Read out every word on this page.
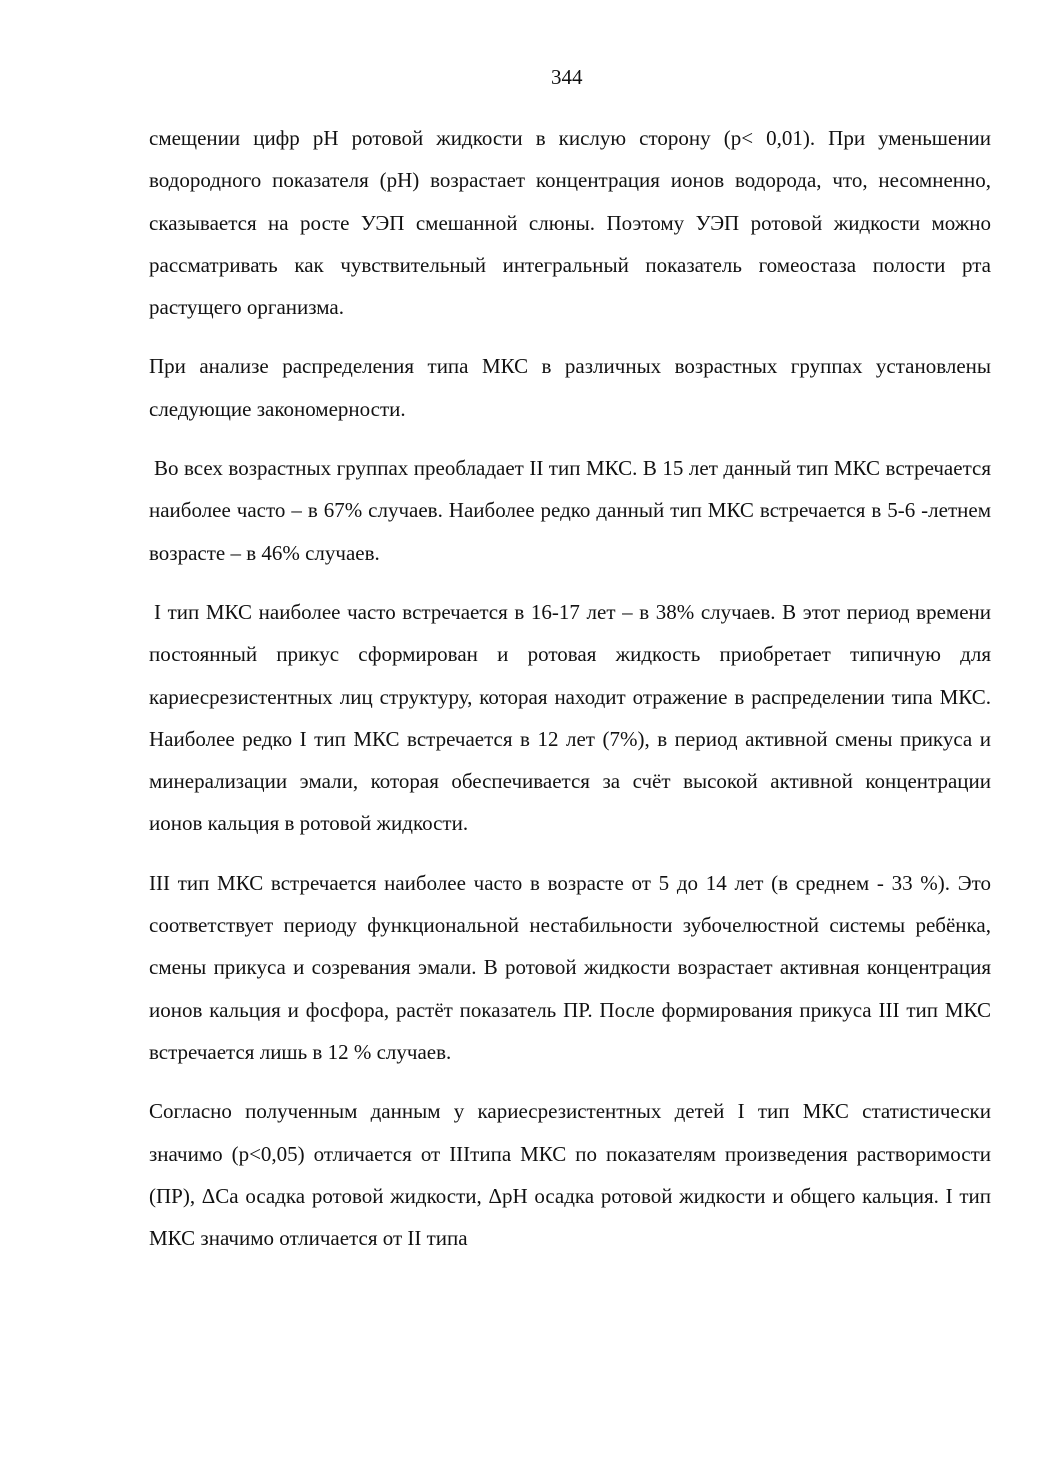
344

смещении цифр рН ротовой жидкости в кислую сторону (р< 0,01). При уменьшении водородного показателя (рН) возрастает концентрация ионов водорода, что, несомненно, сказывается на росте УЭП смешанной слюны. Поэтому УЭП ротовой жидкости можно рассматривать как чувствительный интегральный показатель гомеостаза полости рта растущего организма.

При анализе распределения типа МКС в различных возрастных группах установлены следующие закономерности.

Во всех возрастных группах преобладает II тип МКС. В 15 лет данный тип МКС встречается наиболее часто – в 67% случаев. Наиболее редко данный тип МКС встречается в 5-6 -летнем возрасте – в 46% случаев.

I тип МКС наиболее часто встречается в 16-17 лет – в 38% случаев. В этот период времени постоянный прикус сформирован и ротовая жидкость приобретает типичную для кариесрезистентных лиц структуру, которая находит отражение в распределении типа МКС. Наиболее редко I тип МКС встречается в 12 лет (7%), в период активной смены прикуса и минерализации эмали, которая обеспечивается за счёт высокой активной концентрации ионов кальция в ротовой жидкости.

III тип МКС встречается наиболее часто в возрасте от 5 до 14 лет (в среднем - 33 %). Это соответствует периоду функциональной нестабильности зубочелюстной системы ребёнка, смены прикуса и созревания эмали. В ротовой жидкости возрастает активная концентрация ионов кальция и фосфора, растёт показатель ПР. После формирования прикуса III тип МКС встречается лишь в 12 % случаев.

Согласно полученным данным у кариесрезистентных детей I тип МКС статистически значимо (р<0,05) отличается от IIIтипа МКС по показателям произведения растворимости (ПР), ΔCa осадка ротовой жидкости, ΔpH осадка ротовой жидкости и общего кальция. I тип МКС значимо отличается от II типа
